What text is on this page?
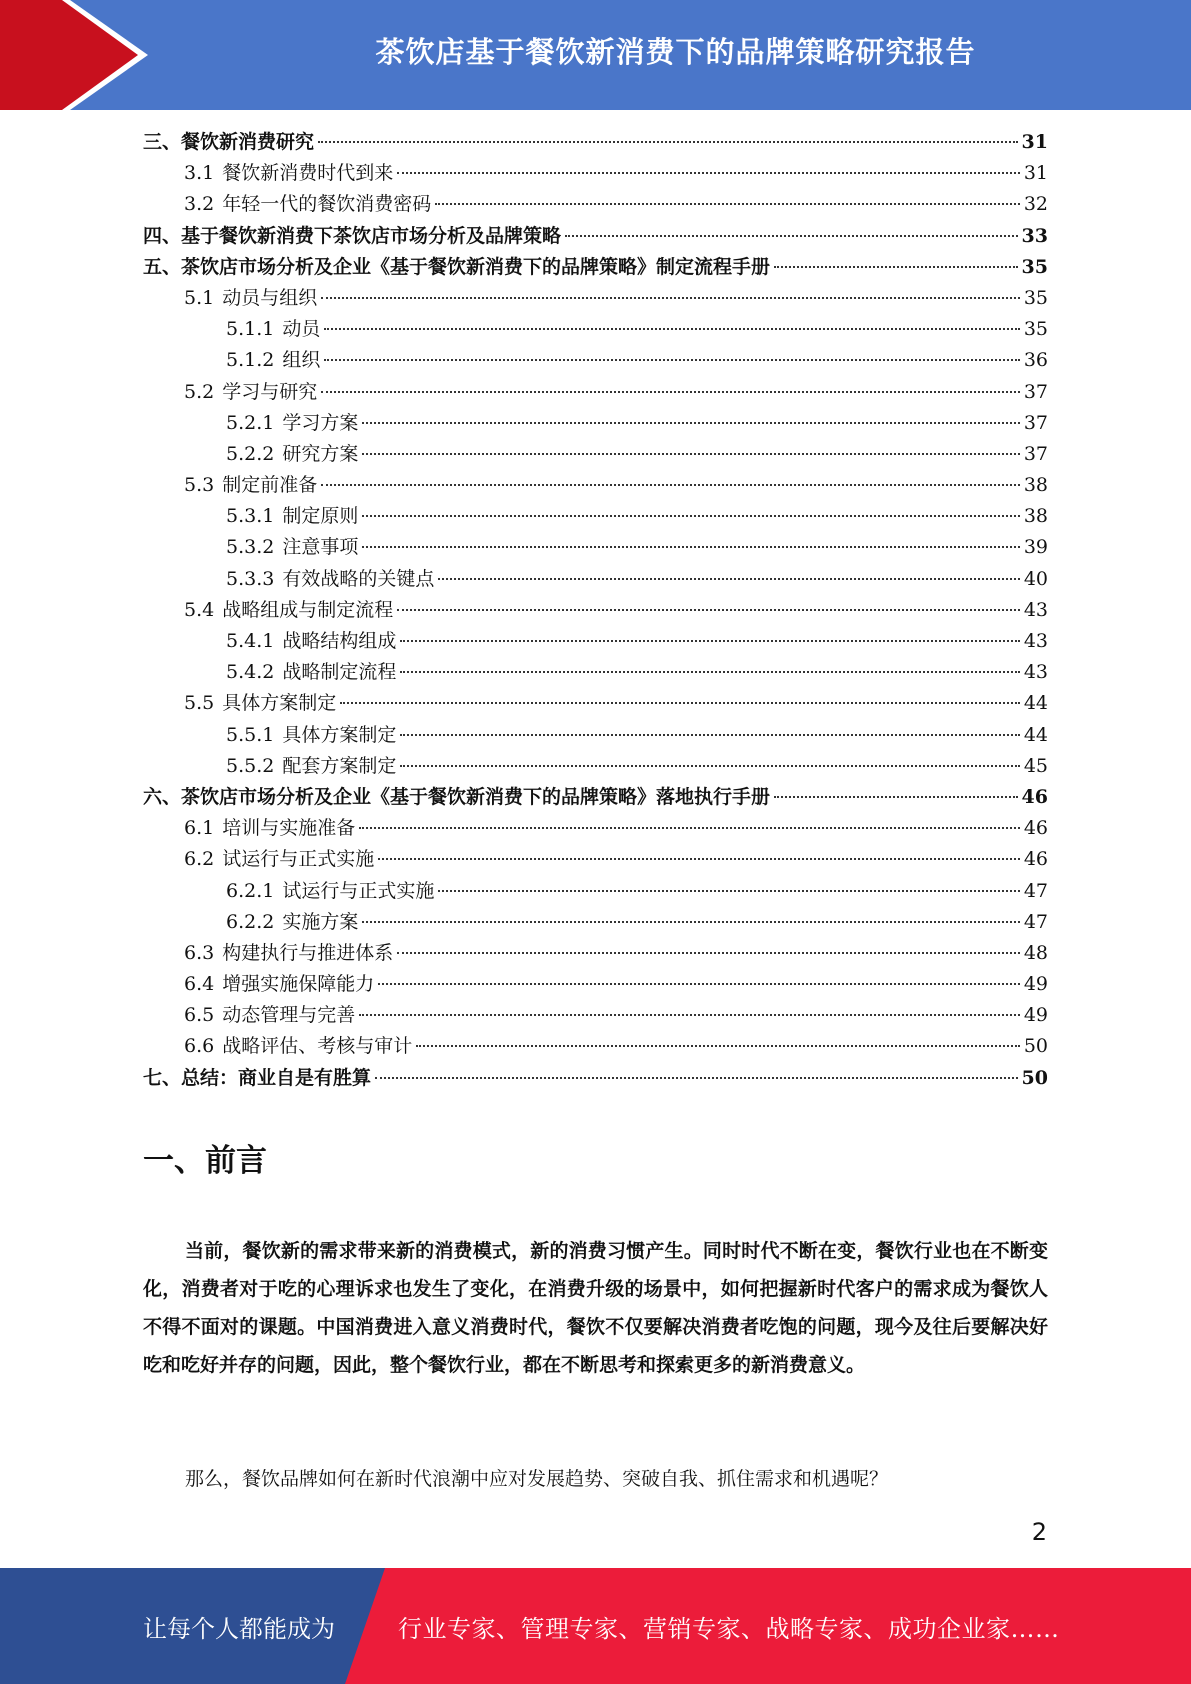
茶饮店基于餐饮新消费下的品牌策略研究报告
三、餐饮新消费研究	31
3.1 餐饮新消费时代到来	31
3.2 年轻一代的餐饮消费密码	32
四、基于餐饮新消费下茶饮店市场分析及品牌策略	33
五、茶饮店市场分析及企业《基于餐饮新消费下的品牌策略》制定流程手册	35
5.1 动员与组织	35
5.1.1 动员	35
5.1.2 组织	36
5.2 学习与研究	37
5.2.1 学习方案	37
5.2.2 研究方案	37
5.3 制定前准备	38
5.3.1 制定原则	38
5.3.2 注意事项	39
5.3.3 有效战略的关键点	40
5.4 战略组成与制定流程	43
5.4.1 战略结构组成	43
5.4.2 战略制定流程	43
5.5 具体方案制定	44
5.5.1 具体方案制定	44
5.5.2 配套方案制定	45
六、茶饮店市场分析及企业《基于餐饮新消费下的品牌策略》落地执行手册	46
6.1 培训与实施准备	46
6.2 试运行与正式实施	46
6.2.1 试运行与正式实施	47
6.2.2 实施方案	47
6.3 构建执行与推进体系	48
6.4 增强实施保障能力	49
6.5 动态管理与完善	49
6.6 战略评估、考核与审计	50
七、总结：商业自是有胜算	50
一、前言
当前，餐饮新的需求带来新的消费模式，新的消费习惯产生。同时时代不断在变，餐饮行业也在不断变化，消费者对于吃的心理诉求也发生了变化，在消费升级的场景中，如何把握新时代客户的需求成为餐饮人不得不面对的课题。中国消费进入意义消费时代，餐饮不仅要解决消费者吃饱的问题，现今及往后要解决好吃和吃好并存的问题，因此，整个餐饮行业，都在不断思考和探索更多的新消费意义。
那么，餐饮品牌如何在新时代浪潮中应对发展趋势、突破自我、抓住需求和机遇呢？
2
让每个人都能成为	行业专家、管理专家、营销专家、战略专家、成功企业家……
